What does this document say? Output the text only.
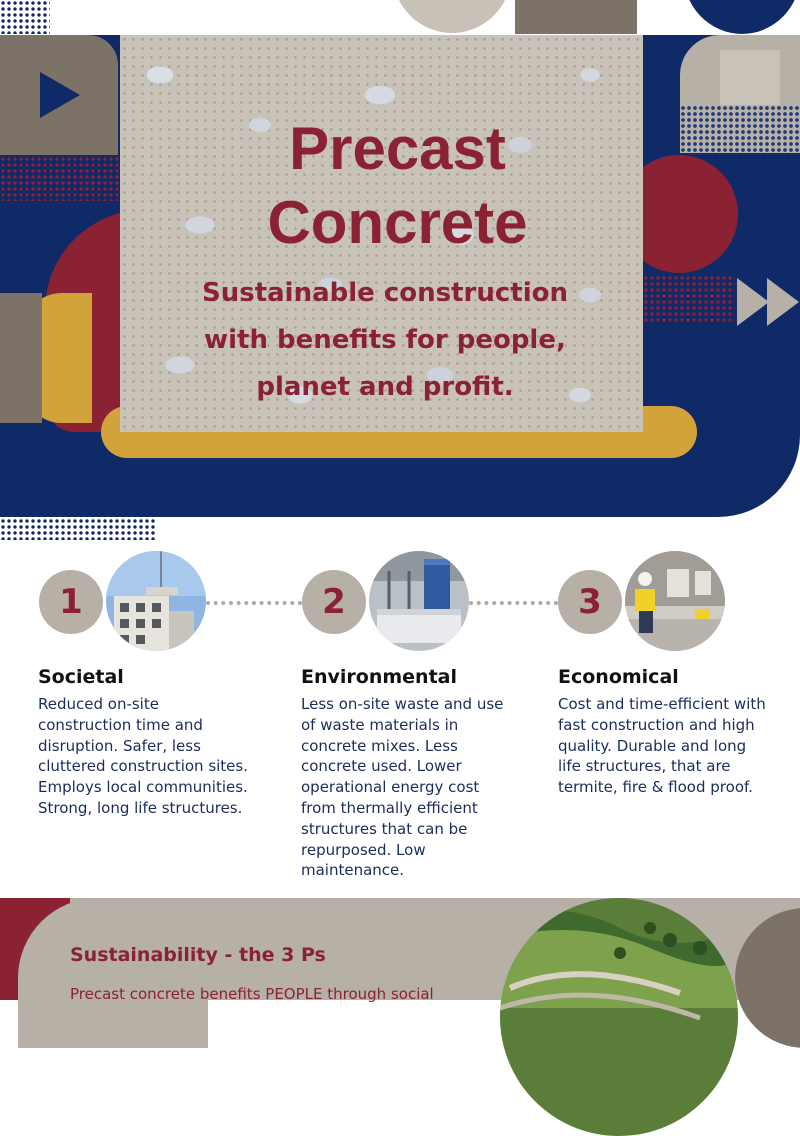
Precast
Concrete
Sustainable construction
with benefits for people,
planet and profit.
1
Societal
Reduced on-site construction time and disruption. Safer, less cluttered construction sites. Employs local communities. Strong, long life structures.
2
Environmental
Less on-site waste and use of waste materials in concrete mixes. Less concrete used. Lower operational energy cost from thermally efficient structures that can be repurposed. Low maintenance.
3
Economical
Cost and time-efficient with fast construction and high quality. Durable and long life structures, that are termite, fire & flood proof.
Sustainability - the 3 Ps
Precast concrete benefits PEOPLE through social
